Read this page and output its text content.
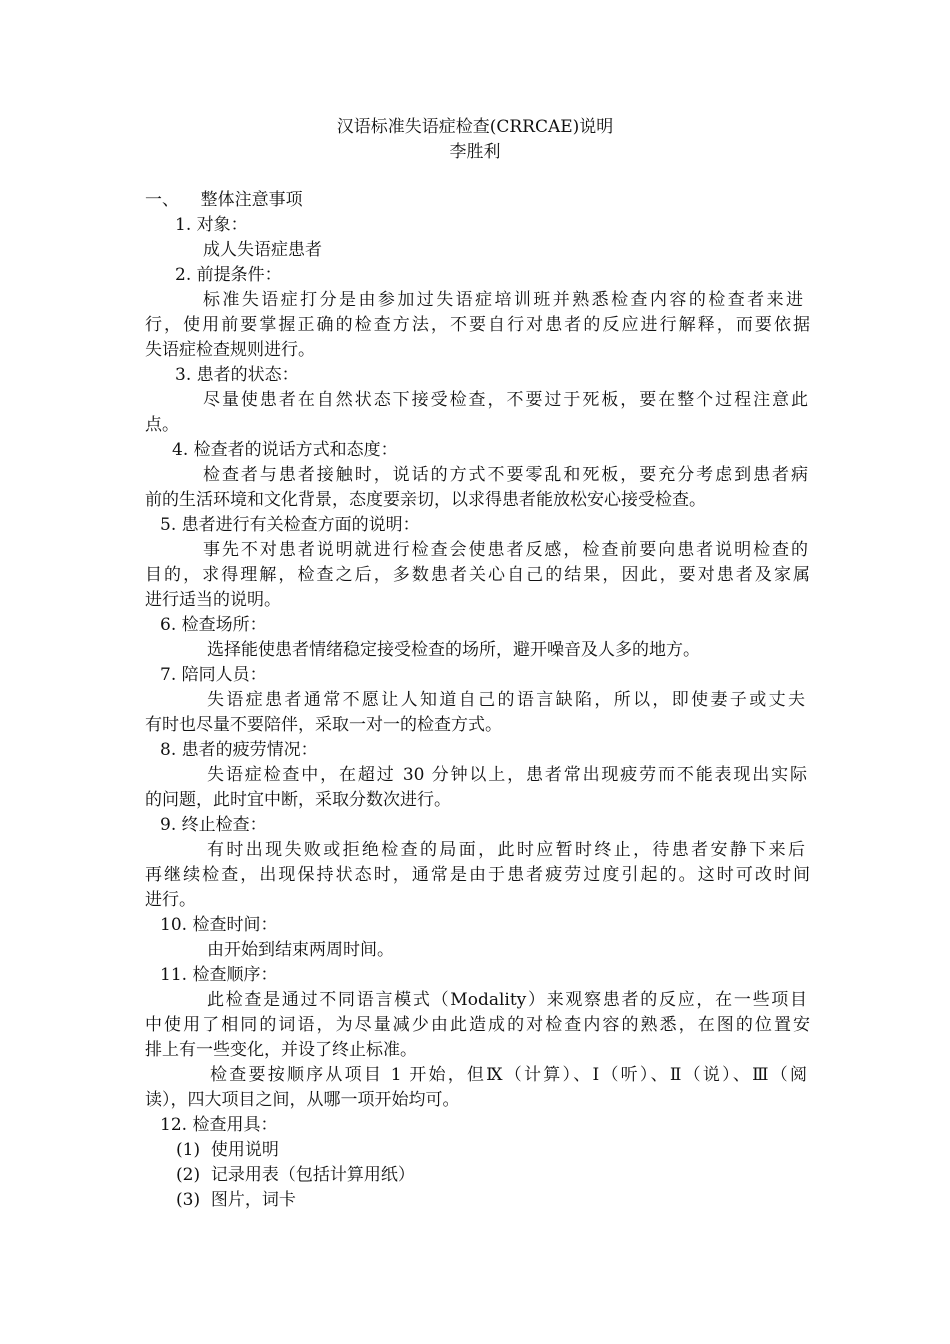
汉语标准失语症检查(CRRCAE)说明
李胜利
一、    整体注意事项
1. 对象：
成人失语症患者
2. 前提条件：
标准失语症打分是由参加过失语症培训班并熟悉检查内容的检查者来进
行，使用前要掌握正确的检查方法，不要自行对患者的反应进行解释，而要依据
失语症检查规则进行。
3. 患者的状态：
尽量使患者在自然状态下接受检查，不要过于死板，要在整个过程注意此
点。
4. 检查者的说话方式和态度：
检查者与患者接触时，说话的方式不要零乱和死板，要充分考虑到患者病
前的生活环境和文化背景，态度要亲切，以求得患者能放松安心接受检查。
5. 患者进行有关检查方面的说明：
事先不对患者说明就进行检查会使患者反感，检查前要向患者说明检查的
目的，求得理解，检查之后，多数患者关心自己的结果，因此，要对患者及家属
进行适当的说明。
6. 检查场所：
选择能使患者情绪稳定接受检查的场所，避开噪音及人多的地方。
7. 陪同人员：
失语症患者通常不愿让人知道自己的语言缺陷，所以，即使妻子或丈夫
有时也尽量不要陪伴，采取一对一的检查方式。
8. 患者的疲劳情况：
失语症检查中，在超过 30 分钟以上，患者常出现疲劳而不能表现出实际
的问题，此时宜中断，采取分数次进行。
9. 终止检查：
有时出现失败或拒绝检查的局面，此时应暂时终止，待患者安静下来后
再继续检查，出现保持状态时，通常是由于患者疲劳过度引起的。这时可改时间
进行。
10. 检查时间：
由开始到结束两周时间。
11. 检查顺序：
此检查是通过不同语言模式（Modality）来观察患者的反应，在一些项目
中使用了相同的词语，为尽量减少由此造成的对检查内容的熟悉，在图的位置安
排上有一些变化，并设了终止标准。
检查要按顺序从项目 1 开始，但Ⅸ（计算）、Ⅰ（听）、Ⅱ（说）、Ⅲ（阅
读），四大项目之间，从哪一项开始均可。
12. 检查用具：
(1)  使用说明
(2)  记录用表（包括计算用纸）
(3)  图片，词卡
